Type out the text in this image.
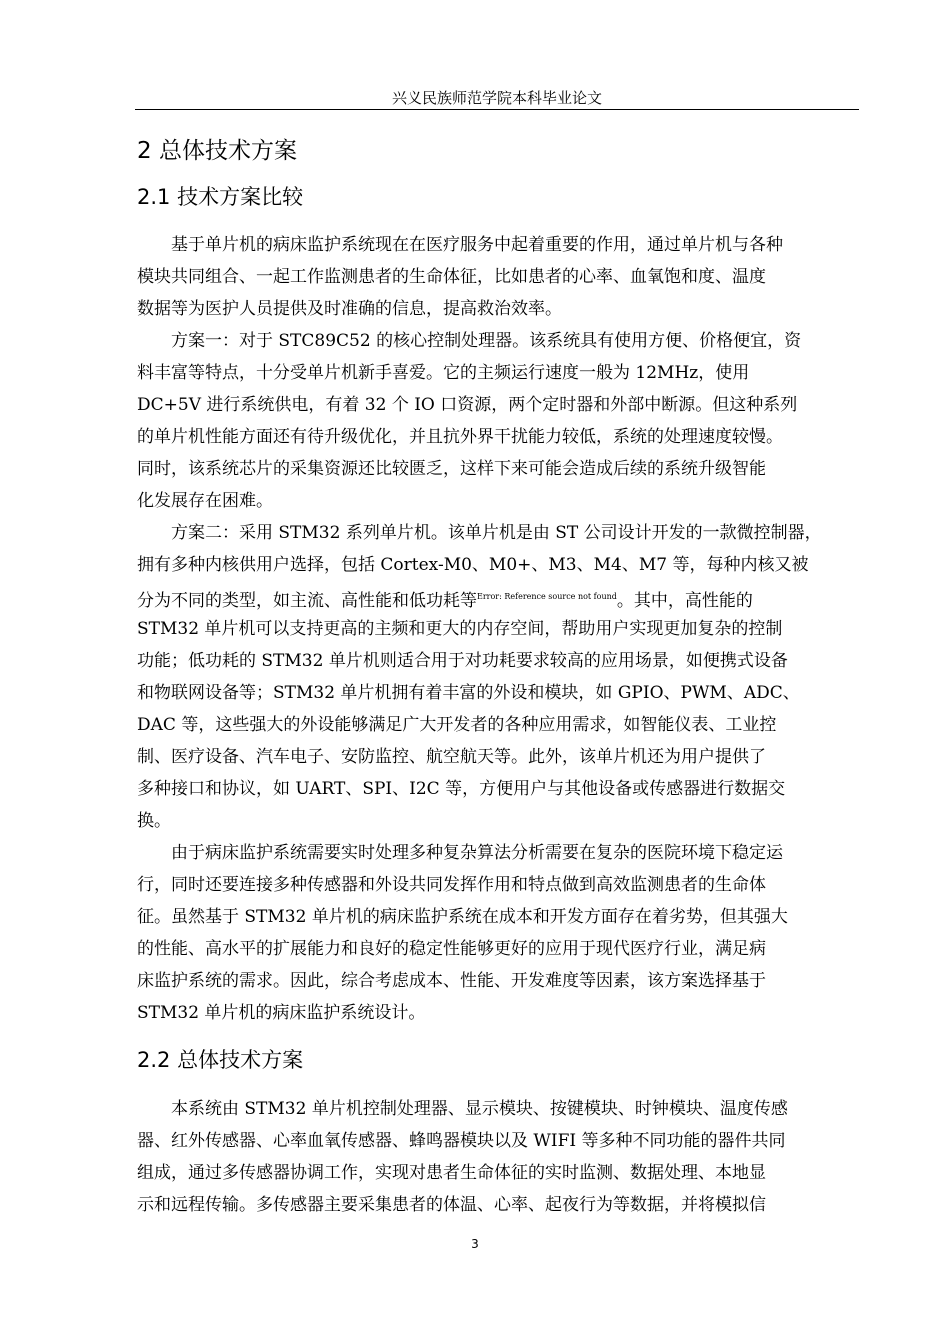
兴义民族师范学院本科毕业论文
2 总体技术方案
2.1 技术方案比较
基于单片机的病床监护系统现在在医疗服务中起着重要的作用，通过单片机与各种
模块共同组合、一起工作监测患者的生命体征，比如患者的心率、血氧饱和度、温度
数据等为医护人员提供及时准确的信息，提高救治效率。
方案一：对于 STC89C52 的核心控制处理器。该系统具有使用方便、价格便宜，资
料丰富等特点，十分受单片机新手喜爱。它的主频运行速度一般为 12MHz，使用
DC+5V 进行系统供电，有着 32 个 IO 口资源，两个定时器和外部中断源。但这种系列
的单片机性能方面还有待升级优化，并且抗外界干扰能力较低，系统的处理速度较慢。
同时，该系统芯片的采集资源还比较匮乏，这样下来可能会造成后续的系统升级智能
化发展存在困难。
方案二：采用 STM32 系列单片机。该单片机是由 ST 公司设计开发的一款微控制器，
拥有多种内核供用户选择，包括 Cortex-M0、M0+、M3、M4、M7 等，每种内核又被
分为不同的类型，如主流、高性能和低功耗等$^{Error: Reference source not found}$。其中，高性能的
STM32 单片机可以支持更高的主频和更大的内存空间，帮助用户实现更加复杂的控制
功能；低功耗的 STM32 单片机则适合用于对功耗要求较高的应用场景，如便携式设备
和物联网设备等；STM32 单片机拥有着丰富的外设和模块，如 GPIO、PWM、ADC、
DAC 等，这些强大的外设能够满足广大开发者的各种应用需求，如智能仪表、工业控
制、医疗设备、汽车电子、安防监控、航空航天等。此外，该单片机还为用户提供了
多种接口和协议，如 UART、SPI、I2C 等，方便用户与其他设备或传感器进行数据交
换。
由于病床监护系统需要实时处理多种复杂算法分析需要在复杂的医院环境下稳定运
行，同时还要连接多种传感器和外设共同发挥作用和特点做到高效监测患者的生命体
征。虽然基于 STM32 单片机的病床监护系统在成本和开发方面存在着劣势，但其强大
的性能、高水平的扩展能力和良好的稳定性能够更好的应用于现代医疗行业，满足病
床监护系统的需求。因此，综合考虑成本、性能、开发难度等因素，该方案选择基于
STM32 单片机的病床监护系统设计。
2.2 总体技术方案
本系统由 STM32 单片机控制处理器、显示模块、按键模块、时钟模块、温度传感
器、红外传感器、心率血氧传感器、蜂鸣器模块以及 WIFI 等多种不同功能的器件共同
组成，通过多传感器协调工作，实现对患者生命体征的实时监测、数据处理、本地显
示和远程传输。多传感器主要采集患者的体温、心率、起夜行为等数据，并将模拟信
3
